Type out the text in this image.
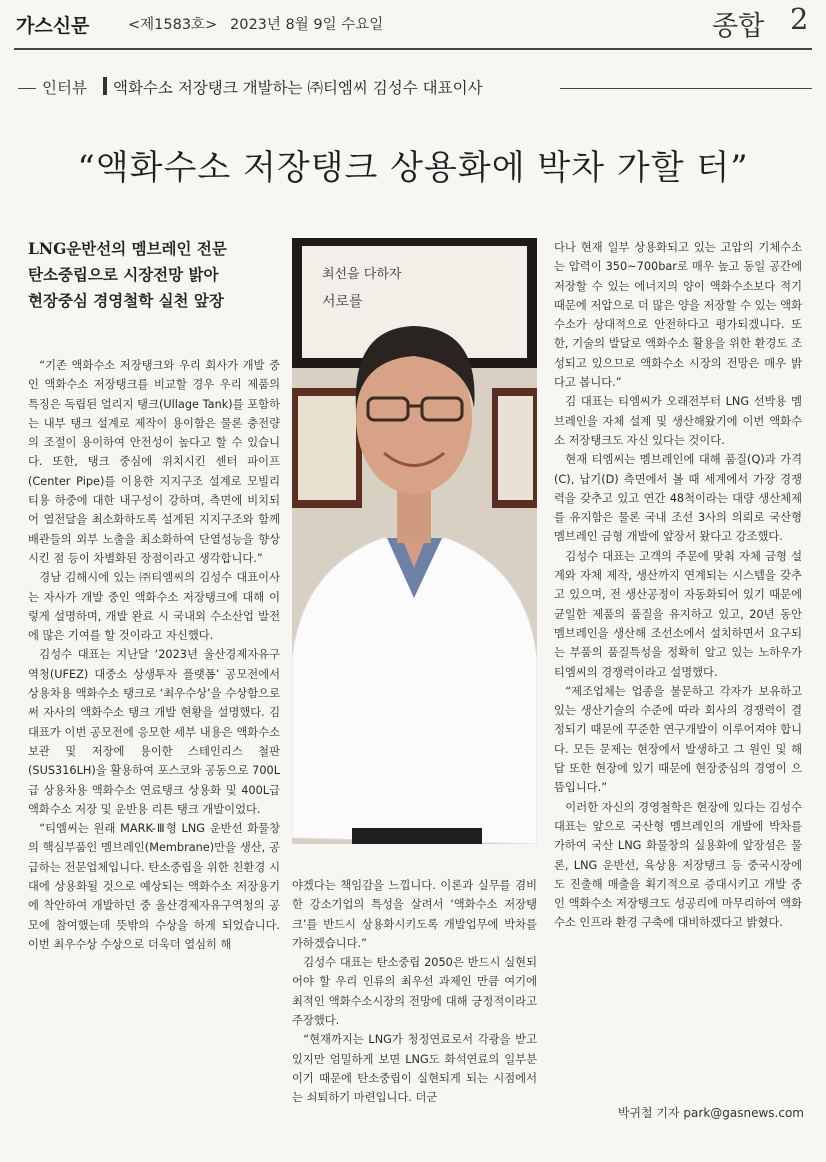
가스신문	<제1583호> 2023년 8월 9일 수요일	종합 2
인터뷰 액화수소 저장탱크 개발하는 ㈜티엠씨 김성수 대표이사
“액화수소 저장탱크 상용화에 박차 가할 터”
LNG운반선의 멤브레인 전문
탄소중립으로 시장전망 밝아
현장중심 경영철학 실천 앞장

“기존 액화수소 저장탱크와 우리 회사가 개발 중인 액화수소 저장탱크를 비교할 경우 우리 제품의 특징은 독립된 얼리지 탱크(Ullage Tank)를 포함하는 내부 탱크 설계로 제작이 용이함은 물론 충전량의 조절이 용이하여 안전성이 높다고 할 수 있습니다. 또한, 탱크 중심에 위치시킨 센터 파이프(Center Pipe)를 이용한 지지구조 설계로 모빌리티용 하중에 대한 내구성이 강하며, 측면에 비치되어 열전달을 최소화하도록 설계된 지지구조와 함께 배관들의 외부 노출을 최소화하여 단열성능을 향상시킨 점 등이 차별화된 장점이라고 생각합니다.”

경남 김해시에 있는 ㈜티엠씨의 김성수 대표이사는 자사가 개발 중인 액화수소 저장탱크에 대해 이렇게 설명하며, 개발 완료 시 국내외 수소산업 발전에 많은 기여를 할 것이라고 자신했다.

김성수 대표는 지난달 ‘2023년 울산경제자유구역청(UFEZ) 대중소 상생투자 플랫폼’ 공모전에서 상용차용 액화수소 탱크로 ‘최우수상’을 수상함으로써 자사의 액화수소 탱크 개발 현황을 설명했다. 김 대표가 이번 공모전에 응모한 세부 내용은 액화수소 보관 및 저장에 용이한 스테인리스 철판(SUS316LH)을 활용하여 포스코와 공동으로 700L급 상용차용 액화수소 연료탱크 상용화 및 400L급 액화수소 저장 및 운반용 리튼 탱크 개발이었다.

“티엠씨는 원래 MARK-Ⅲ형 LNG 운반선 화물창의 핵심부품인 멤브레인(Membrane)만을 생산, 공급하는 전문업체입니다. 탄소중립을 위한 친환경 시대에 상용화될 것으로 예상되는 액화수소 저장용기에 착안하여 개발하던 중 울산경제자유구역청의 공모에 참여했는데 뜻밖의 수상을 하게 되었습니다. 이번 최우수상 수상으로 더욱더 열심히 해

최선을 다하자
서로를

야겠다는 책임감을 느낍니다. 이론과 실무를 겸비한 강소기업의 특성을 살려서 ‘액화수소 저장탱크’를 반드시 상용화시키도록 개발업무에 박차를 가하겠습니다.”

김성수 대표는 탄소중립 2050은 반드시 실현되어야 할 우리 인류의 최우선 과제인 만큼 여기에 최적인 액화수소시장의 전망에 대해 긍정적이라고 주장했다.

“현재까지는 LNG가 청정연료로서 각광을 받고 있지만 엄밀하게 보면 LNG도 화석연료의 일부분이기 때문에 탄소중립이 실현되게 되는 시점에서는 쇠퇴하기 마련입니다. 더군

다나 현재 일부 상용화되고 있는 고압의 기체수소는 압력이 350~700bar로 매우 높고 동일 공간에 저장할 수 있는 에너지의 양이 액화수소보다 적기 때문에 저압으로 더 많은 양을 저장할 수 있는 액화수소가 상대적으로 안전하다고 평가되겠니다. 또한, 기술의 발달로 액화수소 활용을 위한 환경도 조성되고 있으므로 액화수소 시장의 전망은 매우 밝다고 봅니다.”

김 대표는 티엠씨가 오래전부터 LNG 선박용 멤브레인을 자체 설계 및 생산해왔기에 이번 액화수소 저장탱크도 자신 있다는 것이다.

현재 티엠씨는 멤브레인에 대해 품질(Q)과 가격(C), 납기(D) 측면에서 볼 때 세계에서 가장 경쟁력을 갖추고 있고 연간 48척이라는 대량 생산체제를 유지함은 물론 국내 조선 3사의 의뢰로 국산형 멤브레인 금형 개발에 앞장서 왔다고 강조했다.

김성수 대표는 고객의 주문에 맞춰 자체 금형 설계와 자체 제작, 생산까지 연계되는 시스템을 갖추고 있으며, 전 생산공정이 자동화되어 있기 때문에 균일한 제품의 품질을 유지하고 있고, 20년 동안 멤브레인을 생산해 조선소에서 설치하면서 요구되는 부품의 품질특성을 정확히 알고 있는 노하우가 티엠씨의 경쟁력이라고 설명했다.

“제조업체는 업종을 불문하고 각자가 보유하고 있는 생산기술의 수준에 따라 회사의 경쟁력이 결정되기 때문에 꾸준한 연구개발이 이루어져야 합니다. 모든 문제는 현장에서 발생하고 그 원인 및 해답 또한 현장에 있기 때문에 현장중심의 경영이 으뜸입니다.”

이러한 자신의 경영철학은 현장에 있다는 김성수 대표는 앞으로 국산형 멤브레인의 개발에 박차를 가하여 국산 LNG 화물창의 실용화에 앞장섬은 물론, LNG 운반선, 육상용 저장탱크 등 중국시장에도 진출해 매출을 획기적으로 증대시키고 개발 중인 액화수소 저장탱크도 성공리에 마무리하여 액화수소 인프라 환경 구축에 대비하겠다고 밝혔다.

박귀철 기자 park@gasnews.com
